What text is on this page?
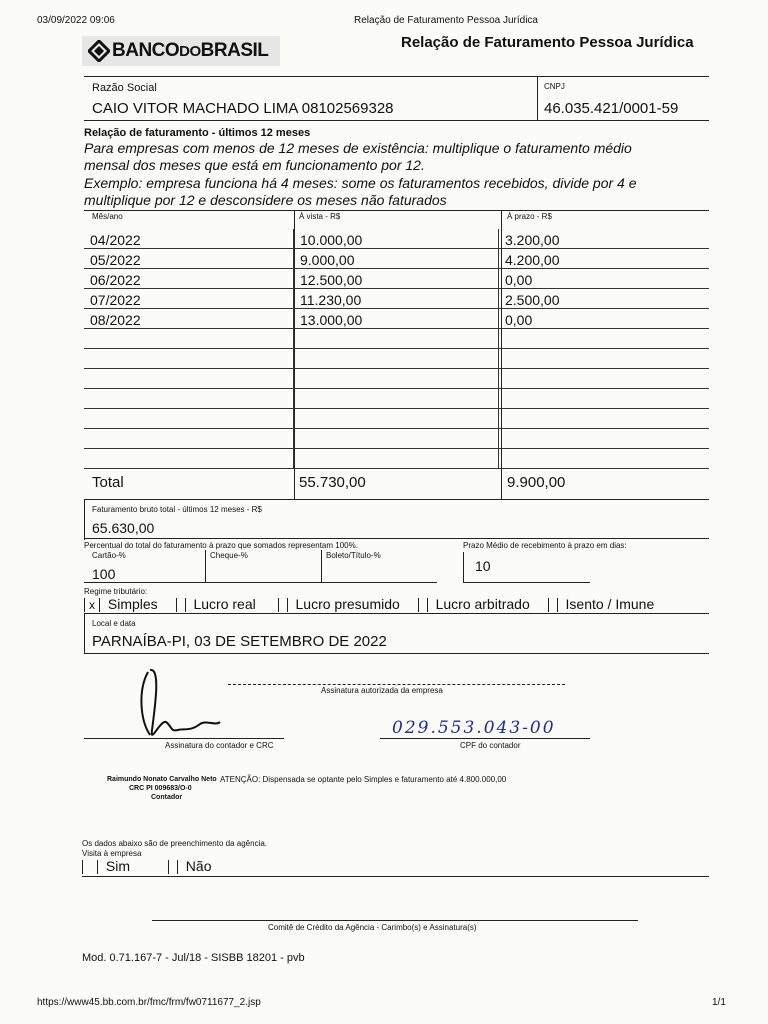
03/09/2022 09:06	Relação de Faturamento Pessoa Jurídica
BANCODOBRASIL	Relação de Faturamento Pessoa Jurídica
Razão Social
CAIO VITOR MACHADO LIMA 08102569328
CNPJ
46.035.421/0001-59
Relação de faturamento - últimos 12 meses
Para empresas com menos de 12 meses de existência: multiplique o faturamento médio
mensal dos meses que está em funcionamento por 12.
Exemplo: empresa funciona há 4 meses: some os faturamentos recebidos, divide por 4 e
multiplique por 12 e desconsidere os meses não faturados
Mês/ano	À vista - R$	À prazo - R$
04/2022	10.000,00	3.200,00
05/2022	9.000,00	4.200,00
06/2022	12.500,00	0,00
07/2022	11.230,00	2.500,00
08/2022	13.000,00	0,00

Total	55.730,00	9.900,00
Faturamento bruto total - últimos 12 meses - R$
65.630,00
Percentual do total do faturamento à prazo que somados representam 100%.
Cartão-%
100
Cheque-%	Boleto/Título-%
Prazo Médio de recebimento à prazo em dias:
10
Regime tributário:
x Simples	Lucro real	Lucro presumido	Lucro arbitrado	Isento / Imune
Local e data
PARNAÍBA-PI, 03 DE SETEMBRO DE 2022
Assinatura autorizada da empresa
Assinatura do contador e CRC
029.553.043-00
CPF do contador
Raimundo Nonato Carvalho Neto
CRC PI 009683/O-0
Contador
ATENÇÃO: Dispensada se optante pelo Simples e faturamento até 4.800.000,00
Os dados abaixo são de preenchimento da agência.
Visita à empresa
Sim	Não
Comitê de Crédito da Agência - Carimbo(s) e Assinatura(s)
Mod. 0.71.167-7 - Jul/18 - SISBB 18201 - pvb
https://www45.bb.com.br/fmc/frm/fw0711677_2.jsp	1/1
